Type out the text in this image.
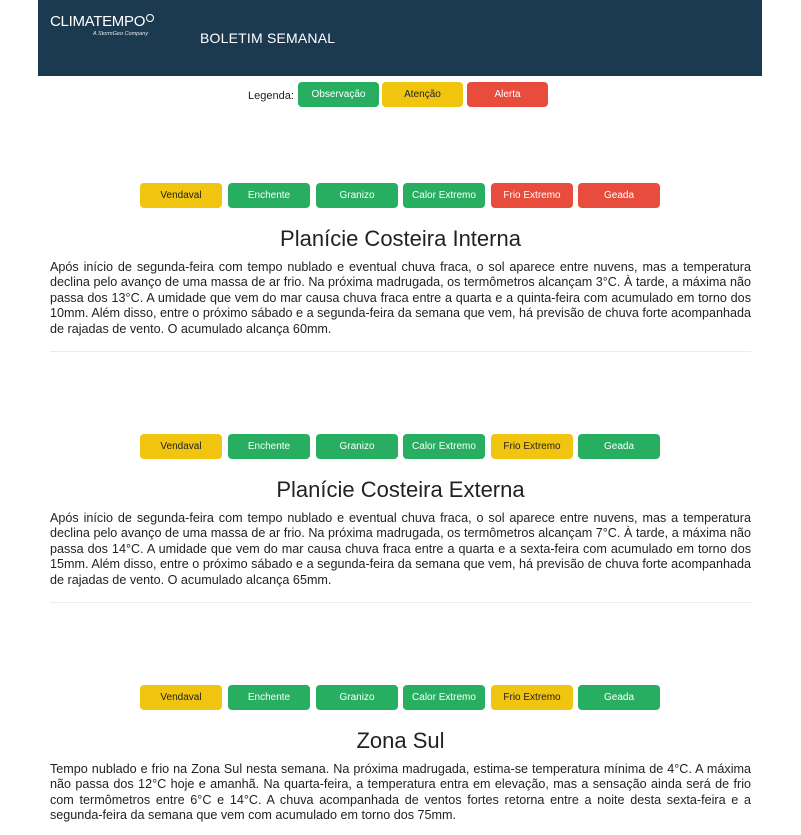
CLIMATEMPO
A StormGeo Company	BOLETIM SEMANAL
Legenda:	Observação	Atenção	Alerta
Vendaval	Enchente	Granizo	Calor Extremo	Frio Extremo	Geada
Planície Costeira Interna

Após início de segunda-feira com tempo nublado e eventual chuva fraca, o sol aparece entre nuvens, mas a temperatura declina pelo avanço de uma massa de ar frio. Na próxima madrugada, os termômetros alcançam 3°C. À tarde, a máxima não passa dos 13°C. A umidade que vem do mar causa chuva fraca entre a quarta e a quinta-feira com acumulado em torno dos 10mm. Além disso, entre o próximo sábado e a segunda-feira da semana que vem, há previsão de chuva forte acompanhada de rajadas de vento. O acumulado alcança 60mm.

Vendaval	Enchente	Granizo	Calor Extremo	Frio Extremo	Geada
Planície Costeira Externa

Após início de segunda-feira com tempo nublado e eventual chuva fraca, o sol aparece entre nuvens, mas a temperatura declina pelo avanço de uma massa de ar frio. Na próxima madrugada, os termômetros alcançam 7°C. À tarde, a máxima não passa dos 14°C. A umidade que vem do mar causa chuva fraca entre a quarta e a sexta-feira com acumulado em torno dos 15mm. Além disso, entre o próximo sábado e a segunda-feira da semana que vem, há previsão de chuva forte acompanhada de rajadas de vento. O acumulado alcança 65mm.

Vendaval	Enchente	Granizo	Calor Extremo	Frio Extremo	Geada
Zona Sul

Tempo nublado e frio na Zona Sul nesta semana. Na próxima madrugada, estima-se temperatura mínima de 4°C. A máxima não passa dos 12°C hoje e amanhã. Na quarta-feira, a temperatura entra em elevação, mas a sensação ainda será de frio com termômetros entre 6°C e 14°C. A chuva acompanhada de ventos fortes retorna entre a noite desta sexta-feira e a segunda-feira da semana que vem com acumulado em torno dos 75mm.
